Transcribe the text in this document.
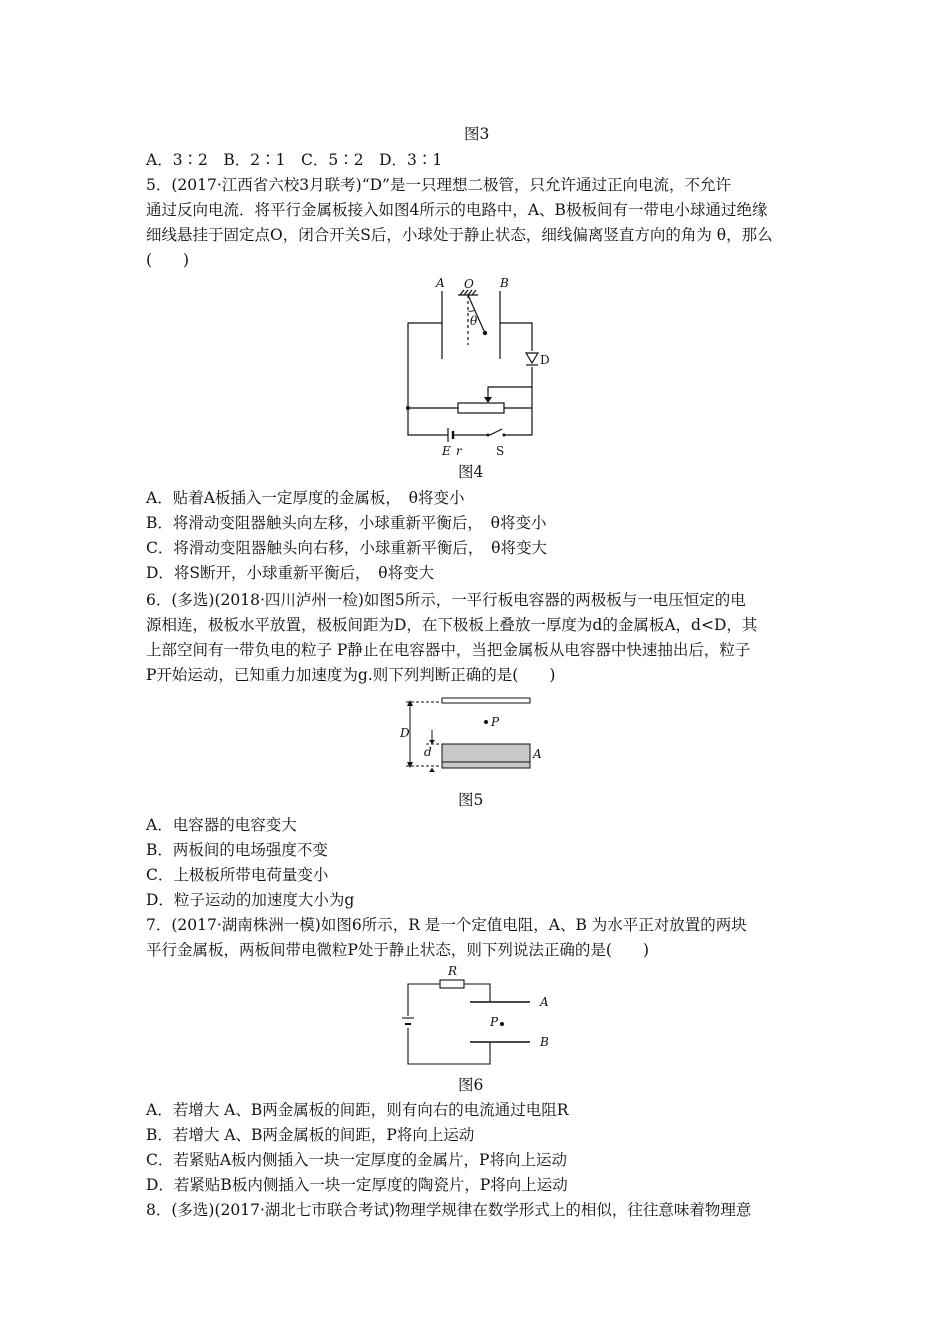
图3
A．3∶2　B．2∶1　C．5∶2　D．3∶1
5．(2017·江西省六校3月联考)“D”是一只理想二极管，只允许通过正向电流，不允许
通过反向电流．将平行金属板接入如图4所示的电路中，A、B极板间有一带电小球通过绝缘
细线悬挂于固定点O，闭合开关S后，小球处于静止状态，细线偏离竖直方向的角为 θ，那么
(　　)
A	B
O
θ
D
E r	S
图4
A．贴着A板插入一定厚度的金属板，　θ将变小
B．将滑动变阻器触头向左移，小球重新平衡后，　θ将变小
C．将滑动变阻器触头向右移，小球重新平衡后，　θ将变大
D．将S断开，小球重新平衡后，　θ将变大
6．(多选)(2018·四川泸州一检)如图5所示，一平行板电容器的两极板与一电压恒定的电
源相连，极板水平放置，极板间距为D，在下极板上叠放一厚度为d的金属板A，d<D，其
上部空间有一带负电的粒子 P静止在电容器中，当把金属板从电容器中快速抽出后，粒子
P开始运动，已知重力加速度为g.则下列判断正确的是(　　)
P
D
d	A
图5
A．电容器的电容变大
B．两板间的电场强度不变
C．上极板所带电荷量变小
D．粒子运动的加速度大小为g
7．(2017·湖南株洲一模)如图6所示，R 是一个定值电阻，A、B 为水平正对放置的两块
平行金属板，两板间带电微粒P处于静止状态，则下列说法正确的是(　　)
R
A
B
P
图6
A．若增大 A、B两金属板的间距，则有向右的电流通过电阻R
B．若增大 A、B两金属板的间距，P将向上运动
C．若紧贴A板内侧插入一块一定厚度的金属片，P将向上运动
D．若紧贴B板内侧插入一块一定厚度的陶瓷片，P将向上运动
8．(多选)(2017·湖北七市联合考试)物理学规律在数学形式上的相似，往往意味着物理意
